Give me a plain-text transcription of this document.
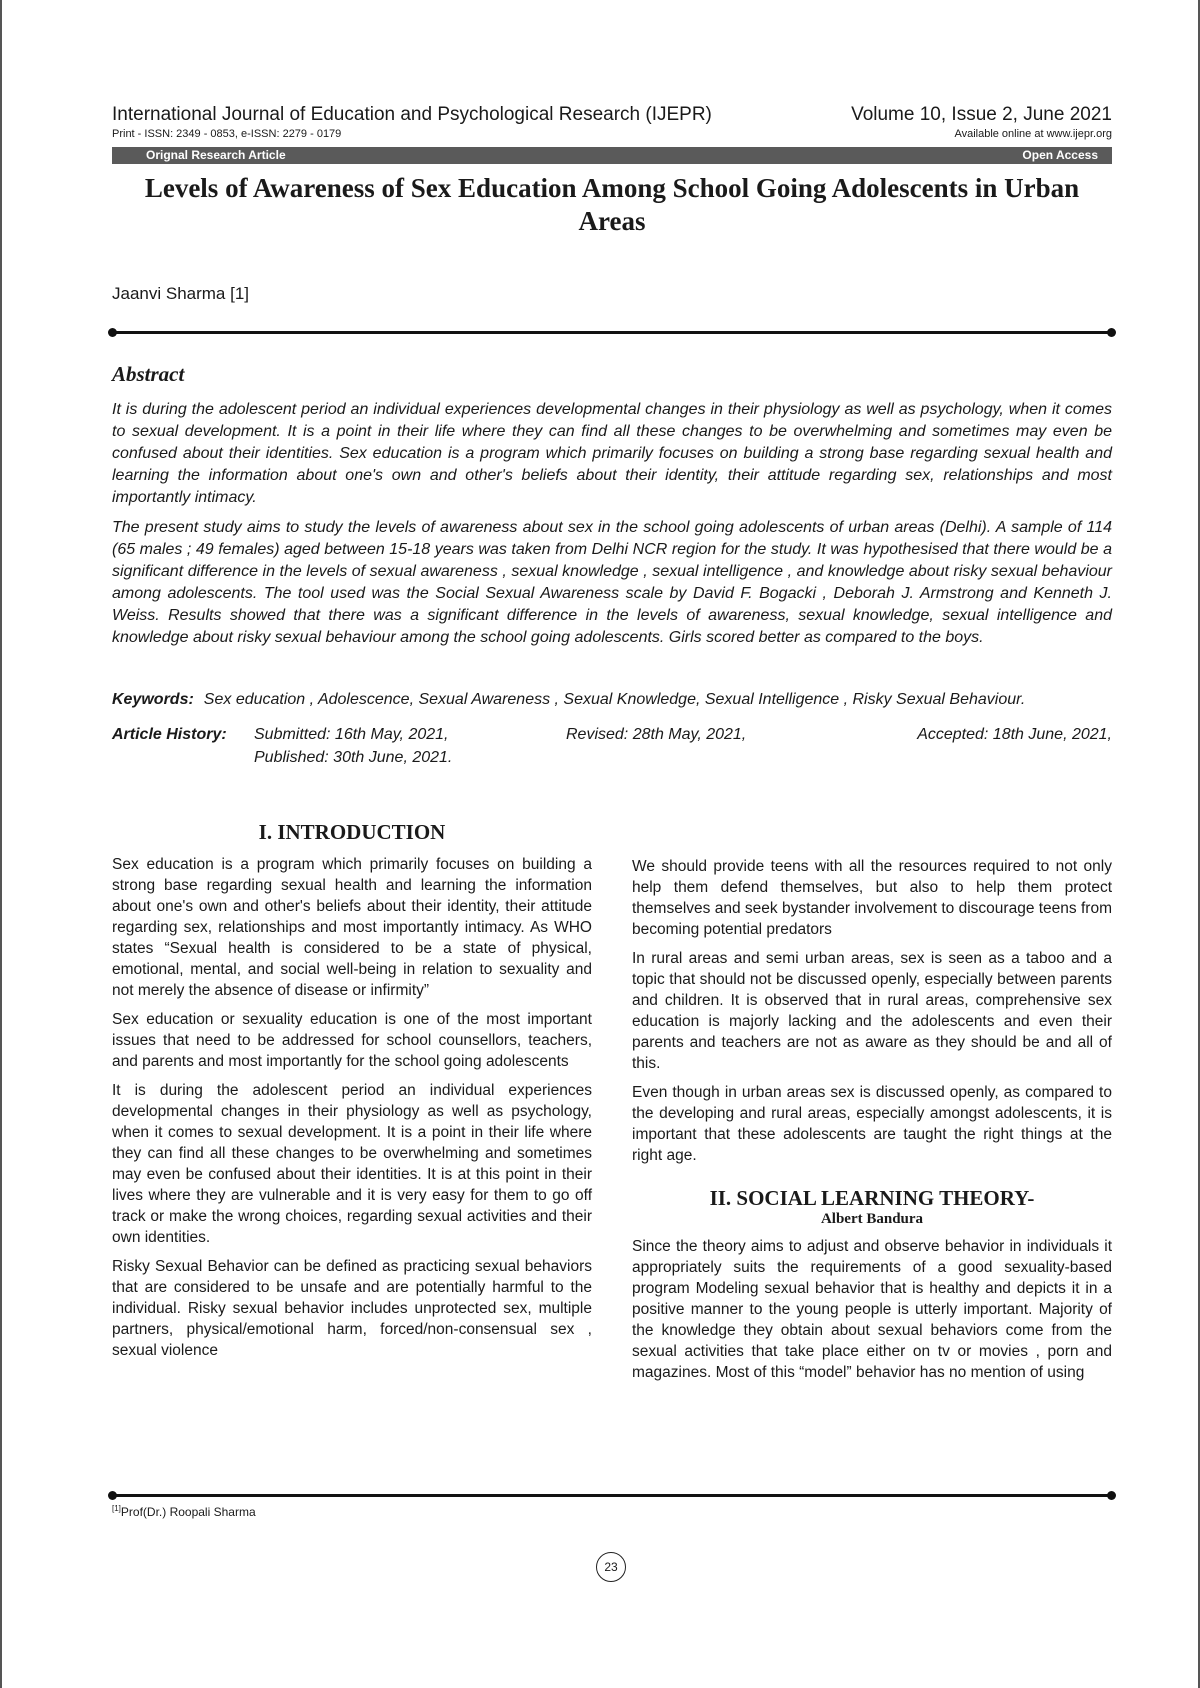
International Journal of Education and Psychological Research (IJEPR)	Volume 10, Issue 2, June 2021
Print - ISSN: 2349 - 0853, e-ISSN: 2279 - 0179	Available online at www.ijepr.org
Orignal Research Article	Open Access
Levels of Awareness of Sex Education Among School Going Adolescents in Urban Areas
Jaanvi Sharma [1]
Abstract

It is during the adolescent period an individual experiences developmental changes in their physiology as well as psychology, when it comes to sexual development. It is a point in their life where they can find all these changes to be overwhelming and sometimes may even be confused about their identities. Sex education is a program which primarily focuses on building a strong base regarding sexual health and learning the information about one's own and other's beliefs about their identity, their attitude regarding sex, relationships and most importantly intimacy.

The present study aims to study the levels of awareness about sex in the school going adolescents of urban areas (Delhi). A sample of 114 (65 males ; 49 females) aged between 15-18 years was taken from Delhi NCR region for the study. It was hypothesised that there would be a significant difference in the levels of sexual awareness , sexual knowledge , sexual intelligence , and knowledge about risky sexual behaviour among adolescents. The tool used was the Social Sexual Awareness scale by David F. Bogacki , Deborah J. Armstrong and Kenneth J. Weiss. Results showed that there was a significant difference in the levels of awareness, sexual knowledge, sexual intelligence and knowledge about risky sexual behaviour among the school going adolescents. Girls scored better as compared to the boys.

Keywords: Sex education , Adolescence, Sexual Awareness , Sexual Knowledge, Sexual Intelligence , Risky Sexual Behaviour.
Article History: Submitted: 16th May, 2021,	Revised: 28th May, 2021,	Accepted: 18th June, 2021,
Published: 30th June, 2021.
I. INTRODUCTION

Sex education is a program which primarily focuses on building a strong base regarding sexual health and learning the information about one's own and other's beliefs about their identity, their attitude regarding sex, relationships and most importantly intimacy. As WHO states “Sexual health is considered to be a state of physical, emotional, mental, and social well-being in relation to sexuality and not merely the absence of disease or infirmity”

Sex education or sexuality education is one of the most important issues that need to be addressed for school counsellors, teachers, and parents and most importantly for the school going adolescents

It is during the adolescent period an individual experiences developmental changes in their physiology as well as psychology, when it comes to sexual development. It is a point in their life where they can find all these changes to be overwhelming and sometimes may even be confused about their identities. It is at this point in their lives where they are vulnerable and it is very easy for them to go off track or make the wrong choices, regarding sexual activities and their own identities.

Risky Sexual Behavior can be defined as practicing sexual behaviors that are considered to be unsafe and are potentially harmful to the individual. Risky sexual behavior includes unprotected sex, multiple partners, physical/emotional harm, forced/non-consensual sex , sexual violence

We should provide teens with all the resources required to not only help them defend themselves, but also to help them protect themselves and seek bystander involvement to discourage teens from becoming potential predators

In rural areas and semi urban areas, sex is seen as a taboo and a topic that should not be discussed openly, especially between parents and children. It is observed that in rural areas, comprehensive sex education is majorly lacking and the adolescents and even their parents and teachers are not as aware as they should be and all of this.

Even though in urban areas sex is discussed openly, as compared to the developing and rural areas, especially amongst adolescents, it is important that these adolescents are taught the right things at the right age.

II. SOCIAL LEARNING THEORY-
Albert Bandura

Since the theory aims to adjust and observe behavior in individuals it appropriately suits the requirements of a good sexuality-based program Modeling sexual behavior that is healthy and depicts it in a positive manner to the young people is utterly important. Majority of the knowledge they obtain about sexual behaviors come from the sexual activities that take place either on tv or movies , porn and magazines. Most of this “model” behavior has no mention of using

[1]Prof(Dr.) Roopali Sharma
23
